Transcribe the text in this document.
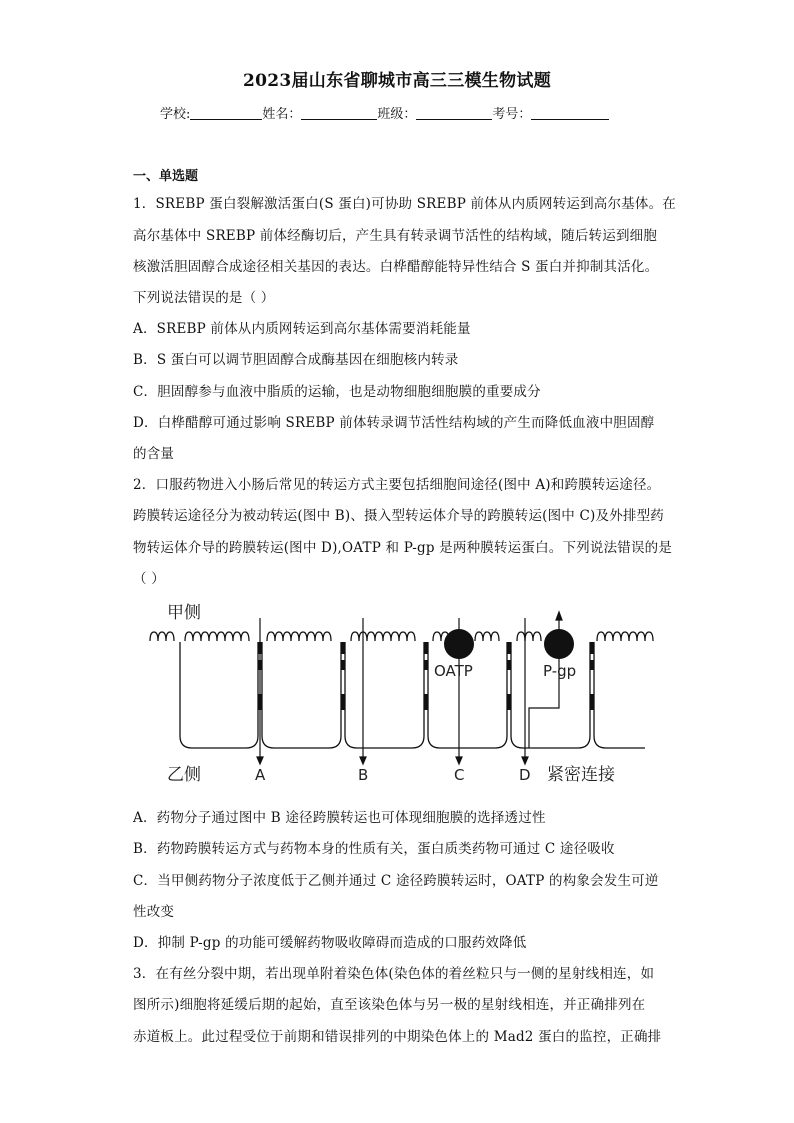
2023届山东省聊城市高三三模生物试题
学校:	姓名：	班级：	考号：
一、单选题
1．SREBP 蛋白裂解激活蛋白(S 蛋白)可协助 SREBP 前体从内质网转运到高尔基体。在
高尔基体中 SREBP 前体经酶切后，产生具有转录调节活性的结构域，随后转运到细胞
核激活胆固醇合成途径相关基因的表达。白桦醋醇能特异性结合 S 蛋白并抑制其活化。
下列说法错误的是（ ）
A．SREBP 前体从内质网转运到高尔基体需要消耗能量
B．S 蛋白可以调节胆固醇合成酶基因在细胞核内转录
C．胆固醇参与血液中脂质的运输，也是动物细胞细胞膜的重要成分
D．白桦醋醇可通过影响 SREBP 前体转录调节活性结构域的产生而降低血液中胆固醇
的含量
2．口服药物进入小肠后常见的转运方式主要包括细胞间途径(图中 A)和跨膜转运途径。
跨膜转运途径分为被动转运(图中 B)、摄入型转运体介导的跨膜转运(图中 C)及外排型药
物转运体介导的跨膜转运(图中 D),OATP 和 P-gp 是两种膜转运蛋白。下列说法错误的是
（ ）
甲侧
乙侧
OATP	P-gp
A	B	C	D 紧密连接
A．药物分子通过图中 B 途径跨膜转运也可体现细胞膜的选择透过性
B．药物跨膜转运方式与药物本身的性质有关，蛋白质类药物可通过 C 途径吸收
C．当甲侧药物分子浓度低于乙侧并通过 C 途径跨膜转运时，OATP 的构象会发生可逆
性改变
D．抑制 P-gp 的功能可缓解药物吸收障碍而造成的口服药效降低
3．在有丝分裂中期，若出现单附着染色体(染色体的着丝粒只与一侧的星射线相连，如
图所示)细胞将延缓后期的起始，直至该染色体与另一极的星射线相连，并正确排列在
赤道板上。此过程受位于前期和错误排列的中期染色体上的 Mad2 蛋白的监控，正确排
